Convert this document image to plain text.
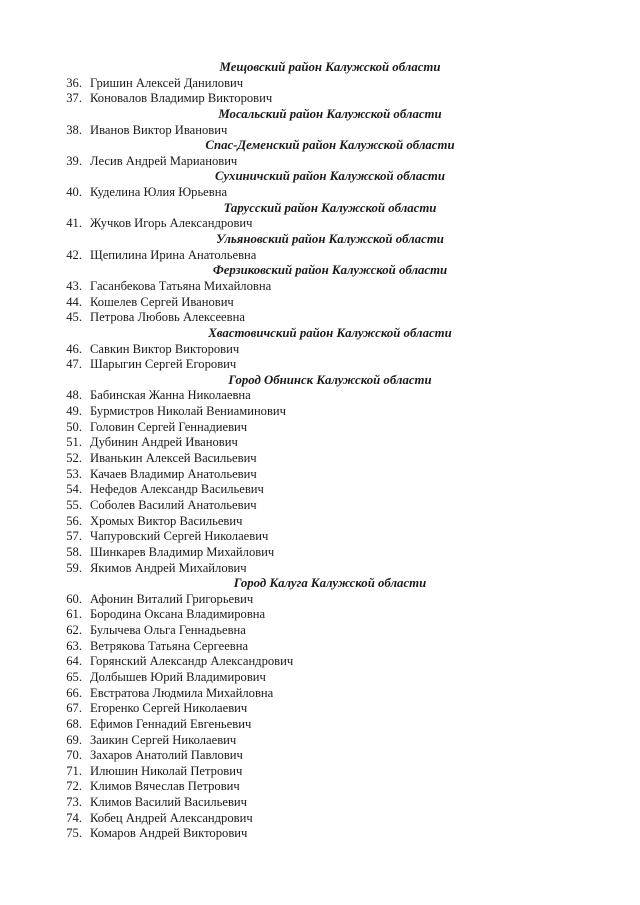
Мещовский район Калужской области
36. Гришин Алексей Данилович
37. Коновалов Владимир Викторович
Мосальский район Калужской области
38. Иванов Виктор Иванович
Спас-Деменский район Калужской области
39. Лесив Андрей Марианович
Сухиничский район Калужской области
40. Куделина Юлия Юрьевна
Тарусский район Калужской области
41. Жучков Игорь Александрович
Ульяновский район Калужской области
42. Щепилина Ирина Анатольевна
Ферзиковский район Калужской области
43. Гасанбекова Татьяна Михайловна
44. Кошелев Сергей Иванович
45. Петрова Любовь Алексеевна
Хвастовичский район Калужской области
46. Савкин Виктор Викторович
47. Шарыгин Сергей Егорович
Город Обнинск Калужской области
48. Бабинская Жанна Николаевна
49. Бурмистров Николай Вениаминович
50. Головин Сергей Геннадиевич
51. Дубинин Андрей Иванович
52. Иванькин Алексей Васильевич
53. Качаев Владимир Анатольевич
54. Нефедов Александр Васильевич
55. Соболев Василий Анатольевич
56. Хромых Виктор Васильевич
57. Чапуровский Сергей Николаевич
58. Шинкарев Владимир Михайлович
59. Якимов Андрей Михайлович
Город Калуга Калужской области
60. Афонин Виталий Григорьевич
61. Бородина Оксана Владимировна
62. Булычева Ольга Геннадьевна
63. Ветрякова Татьяна Сергеевна
64. Горянский Александр Александрович
65. Долбышев Юрий Владимирович
66. Евстратова Людмила Михайловна
67. Егоренко Сергей Николаевич
68. Ефимов Геннадий Евгеньевич
69. Заикин Сергей Николаевич
70. Захаров Анатолий Павлович
71. Илюшин Николай Петрович
72. Климов Вячеслав Петрович
73. Климов Василий Васильевич
74. Кобец Андрей Александрович
75. Комаров Андрей Викторович
